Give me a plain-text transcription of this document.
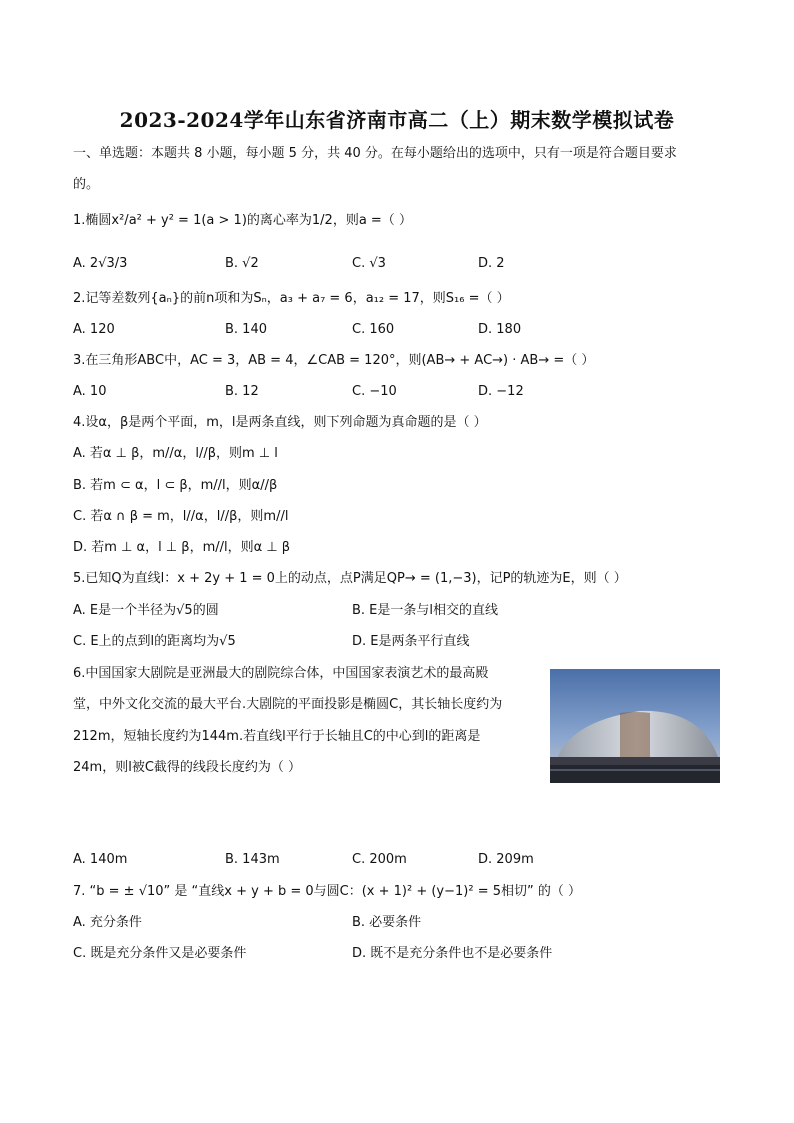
2023-2024学年山东省济南市高二（上）期末数学模拟试卷
一、单选题：本题共 8 小题，每小题 5 分，共 40 分。在每小题给出的选项中，只有一项是符合题目要求
的。
1.椭圆x²/a² + y² = 1(a > 1)的离心率为1/2，则a =（ ）
A. 2√3/3	B. √2	C. √3	D. 2
2.记等差数列{aₙ}的前n项和为Sₙ，a₃ + a₇ = 6，a₁₂ = 17，则S₁₆ =（ ）
A. 120	B. 140	C. 160	D. 180
3.在三角形ABC中，AC = 3，AB = 4，∠CAB = 120°，则(AB→ + AC→) · AB→ =（ ）
A. 10	B. 12	C. −10	D. −12
4.设α，β是两个平面，m，l是两条直线，则下列命题为真命题的是（ ）
A. 若α ⊥ β，m//α，l//β，则m ⊥ l
B. 若m ⊂ α，l ⊂ β，m//l，则α//β
C. 若α ∩ β = m，l//α，l//β，则m//l
D. 若m ⊥ α，l ⊥ β，m//l，则α ⊥ β
5.已知Q为直线l：x + 2y + 1 = 0上的动点，点P满足QP→ = (1,−3)，记P的轨迹为E，则（ ）
A. E是一个半径为√5的圆	B. E是一条与l相交的直线
C. E上的点到l的距离均为√5	D. E是两条平行直线
6.中国国家大剧院是亚洲最大的剧院综合体，中国国家表演艺术的最高殿
堂，中外文化交流的最大平台.大剧院的平面投影是椭圆C，其长轴长度约为
212m，短轴长度约为144m.若直线l平行于长轴且C的中心到l的距离是
24m，则l被C截得的线段长度约为（ ）
A. 140m	B. 143m	C. 200m	D. 209m
7. “b = ± √10” 是 “直线x + y + b = 0与圆C：(x + 1)² + (y−1)² = 5相切” 的（ ）
A. 充分条件	B. 必要条件
C. 既是充分条件又是必要条件	D. 既不是充分条件也不是必要条件
